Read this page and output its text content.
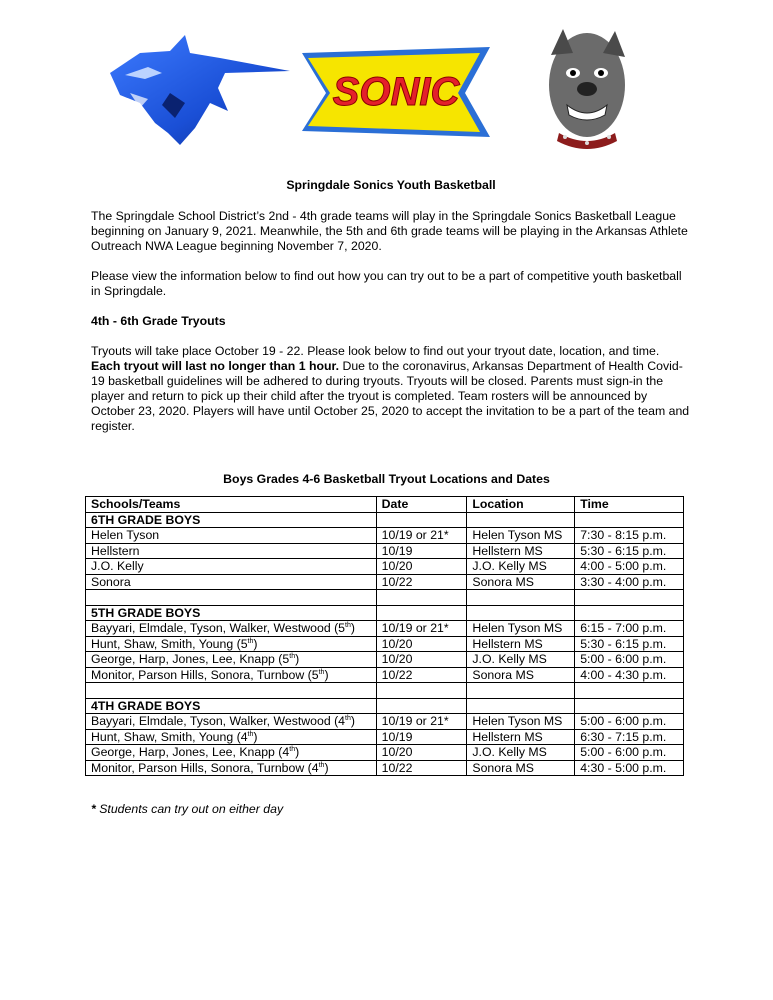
SONIC

Springdale Sonics Youth Basketball

The Springdale School District’s 2nd - 4th grade teams will play in the Springdale Sonics Basketball League beginning on January 9, 2021. Meanwhile, the 5th and 6th grade teams will be playing in the Arkansas Athlete Outreach NWA League beginning November 7, 2020.

Please view the information below to find out how you can try out to be a part of competitive youth basketball in Springdale.

4th - 6th Grade Tryouts

Tryouts will take place October 19 - 22. Please look below to find out your tryout date, location, and time. Each tryout will last no longer than 1 hour. Due to the coronavirus, Arkansas Department of Health Covid-19 basketball guidelines will be adhered to during tryouts. Tryouts will be closed. Parents must sign-in the player and return to pick up their child after the tryout is completed. Team rosters will be announced by October 23, 2020. Players will have until October 25, 2020 to accept the invitation to be a part of the team and register.

Boys Grades 4-6 Basketball Tryout Locations and Dates
Schools/Teams	Date	Location	Time
6TH GRADE BOYS			
Helen Tyson	10/19 or 21*	Helen Tyson MS	7:30 - 8:15 p.m.
Hellstern	10/19	Hellstern MS	5:30 - 6:15 p.m.
J.O. Kelly	10/20	J.O. Kelly MS	4:00 - 5:00 p.m.
Sonora	10/22	Sonora MS	3:30 - 4:00 p.m.

5TH GRADE BOYS			
Bayyari, Elmdale, Tyson, Walker, Westwood (5th)	10/19 or 21*	Helen Tyson MS	6:15 - 7:00 p.m.
Hunt, Shaw, Smith, Young (5th)	10/20	Hellstern MS	5:30 - 6:15 p.m.
George, Harp, Jones, Lee, Knapp (5th)	10/20	J.O. Kelly MS	5:00 - 6:00 p.m.
Monitor, Parson Hills, Sonora, Turnbow (5th)	10/22	Sonora MS	4:00 - 4:30 p.m.

4TH GRADE BOYS			
Bayyari, Elmdale, Tyson, Walker, Westwood (4th)	10/19 or 21*	Helen Tyson MS	5:00 - 6:00 p.m.
Hunt, Shaw, Smith, Young (4th)	10/19	Hellstern MS	6:30 - 7:15 p.m.
George, Harp, Jones, Lee, Knapp (4th)	10/20	J.O. Kelly MS	5:00 - 6:00 p.m.
Monitor, Parson Hills, Sonora, Turnbow (4th)	10/22	Sonora MS	4:30 - 5:00 p.m.
* Students can try out on either day
